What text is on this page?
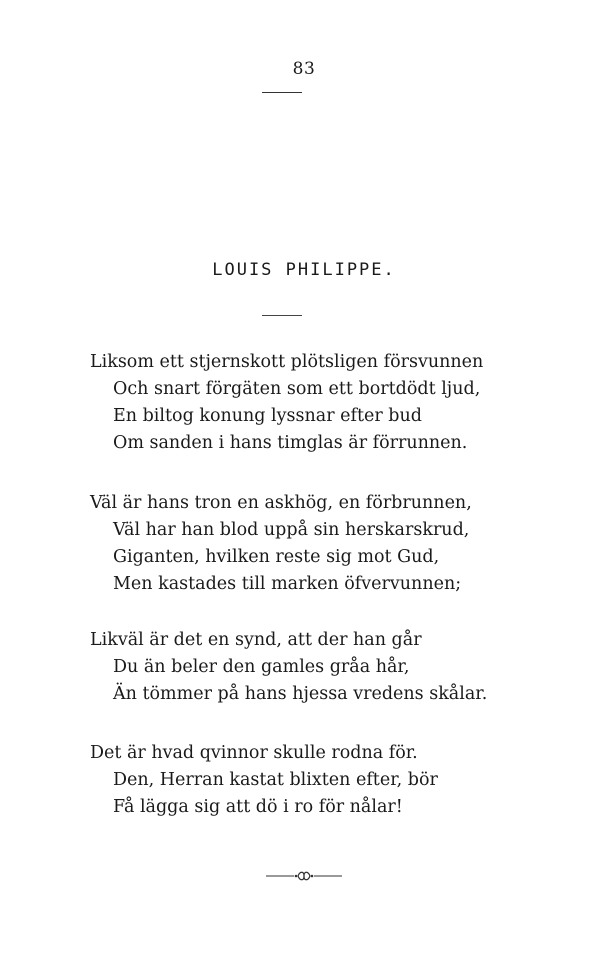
83
LOUIS PHILIPPE.
Liksom ett stjernskott plötsligen försvunnen
Och snart förgäten som ett bortdödt ljud,
En biltog konung lyssnar efter bud
Om sanden i hans timglas är förrunnen.
Väl är hans tron en askhög, en förbrunnen,
Väl har han blod uppå sin herskarskrud,
Giganten, hvilken reste sig mot Gud,
Men kastades till marken öfvervunnen;
Likväl är det en synd, att der han går
Du än beler den gamles gråa hår,
Än tömmer på hans hjessa vredens skålar.
Det är hvad qvinnor skulle rodna för.
Den, Herran kastat blixten efter, bör
Få lägga sig att dö i ro för nålar!
